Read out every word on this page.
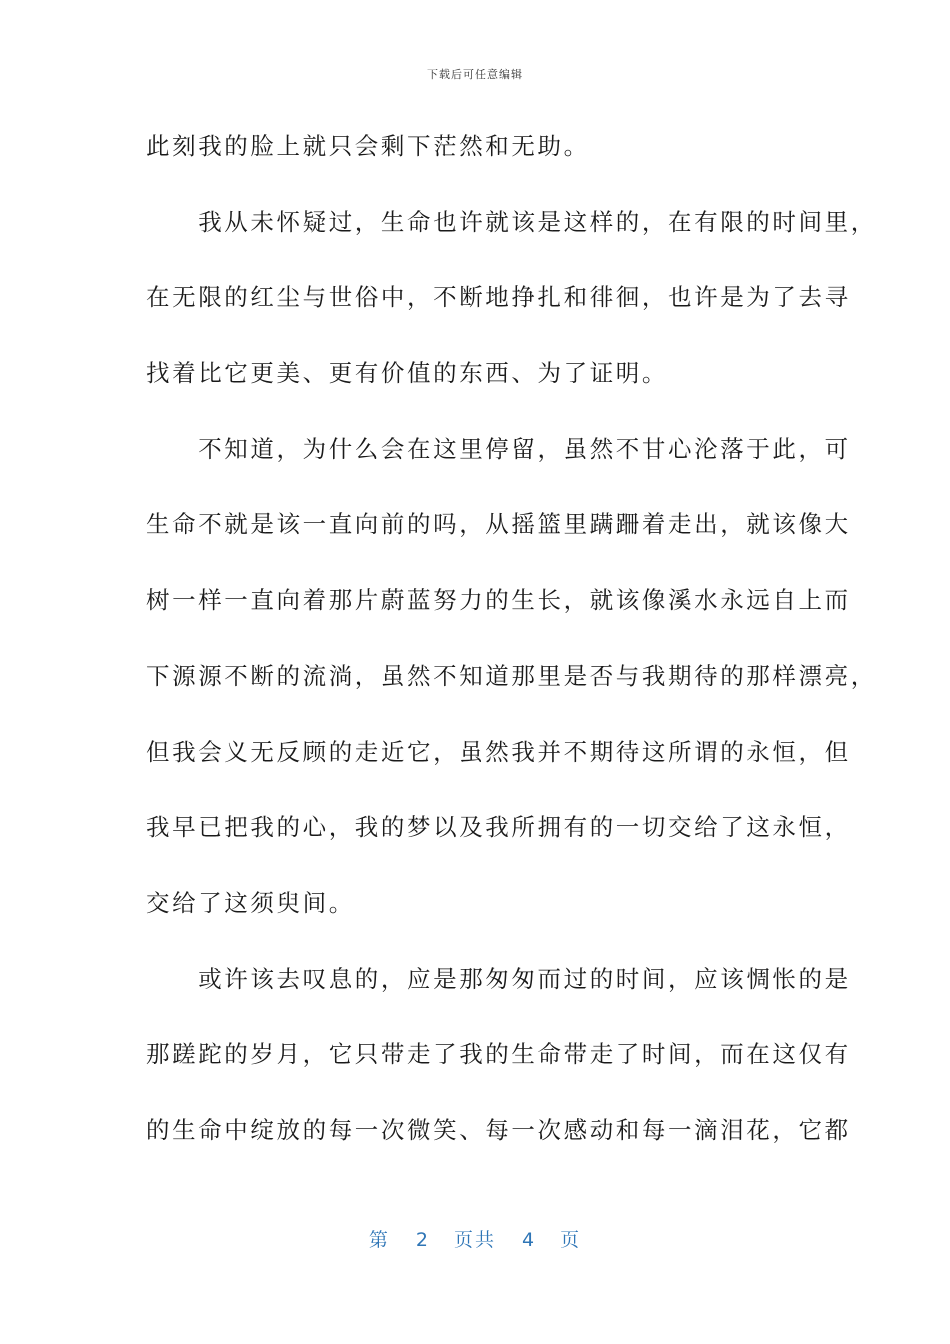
下载后可任意编辑
此刻我的脸上就只会剩下茫然和无助。
　　我从未怀疑过，生命也许就该是这样的，在有限的时间里，
在无限的红尘与世俗中，不断地挣扎和徘徊，也许是为了去寻
找着比它更美、更有价值的东西、为了证明。
　　不知道，为什么会在这里停留，虽然不甘心沦落于此，可
生命不就是该一直向前的吗，从摇篮里蹒跚着走出，就该像大
树一样一直向着那片蔚蓝努力的生长，就该像溪水永远自上而
下源源不断的流淌，虽然不知道那里是否与我期待的那样漂亮，
但我会义无反顾的走近它，虽然我并不期待这所谓的永恒，但
我早已把我的心，我的梦以及我所拥有的一切交给了这永恒，
交给了这须臾间。
　　或许该去叹息的，应是那匆匆而过的时间，应该惆怅的是
那蹉跎的岁月，它只带走了我的生命带走了时间，而在这仅有
的生命中绽放的每一次微笑、每一次感动和每一滴泪花，它都
第 2 页共 4 页
